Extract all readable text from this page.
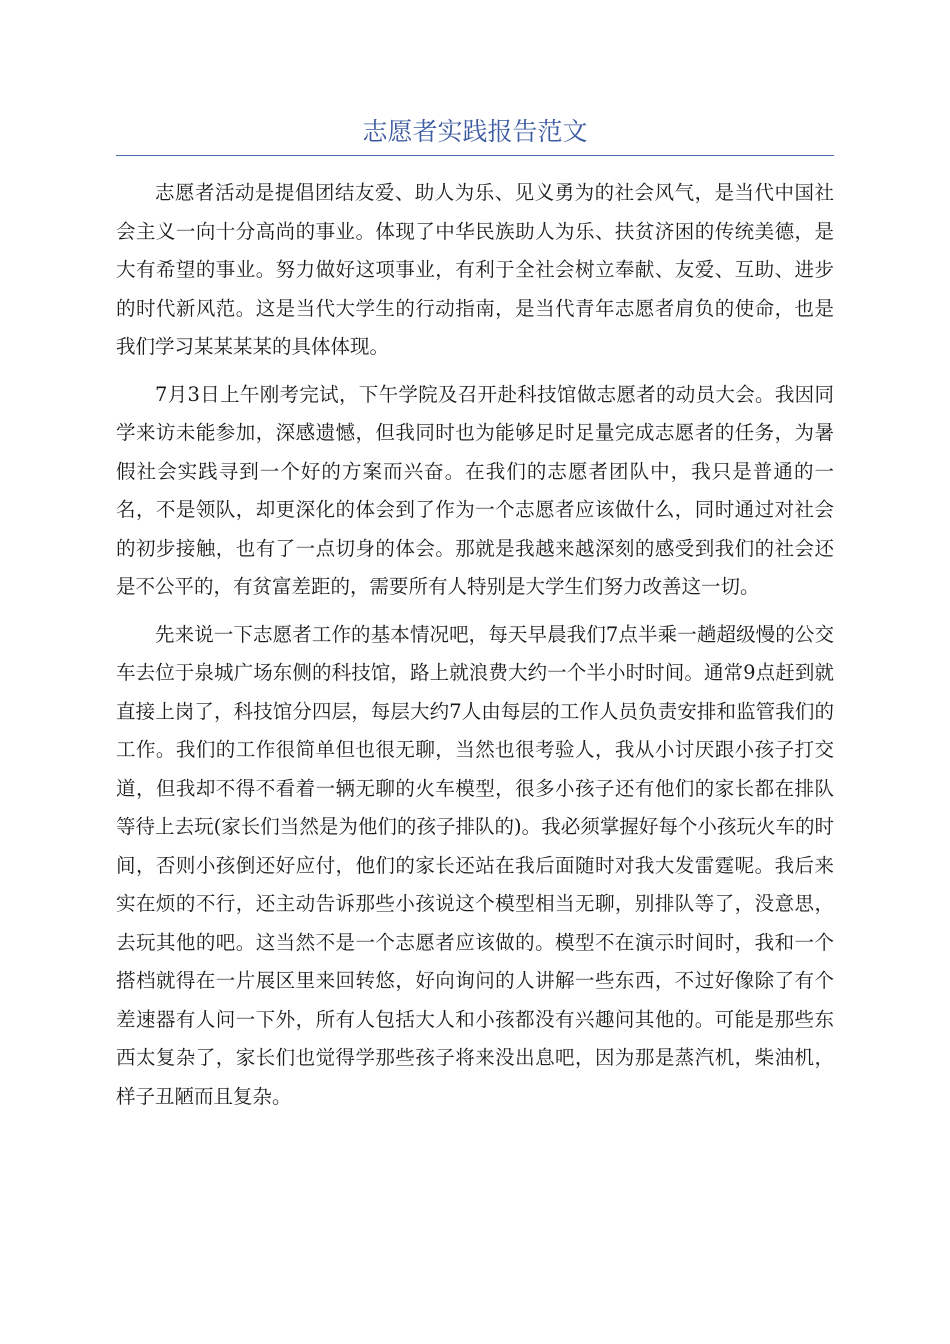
志愿者实践报告范文

志愿者活动是提倡团结友爱、助人为乐、见义勇为的社会风气，是当代中国社会主义一向十分高尚的事业。体现了中华民族助人为乐、扶贫济困的传统美德，是大有希望的事业。努力做好这项事业，有利于全社会树立奉献、友爱、互助、进步的时代新风范。这是当代大学生的行动指南，是当代青年志愿者肩负的使命，也是我们学习某某某某的具体体现。

7月3日上午刚考完试，下午学院及召开赴科技馆做志愿者的动员大会。我因同学来访未能参加，深感遗憾，但我同时也为能够足时足量完成志愿者的任务，为暑假社会实践寻到一个好的方案而兴奋。在我们的志愿者团队中，我只是普通的一名，不是领队，却更深化的体会到了作为一个志愿者应该做什么，同时通过对社会的初步接触，也有了一点切身的体会。那就是我越来越深刻的感受到我们的社会还是不公平的，有贫富差距的，需要所有人特别是大学生们努力改善这一切。

先来说一下志愿者工作的基本情况吧，每天早晨我们7点半乘一趟超级慢的公交车去位于泉城广场东侧的科技馆，路上就浪费大约一个半小时时间。通常9点赶到就直接上岗了，科技馆分四层，每层大约7人由每层的工作人员负责安排和监管我们的工作。我们的工作很简单但也很无聊，当然也很考验人，我从小讨厌跟小孩子打交道，但我却不得不看着一辆无聊的火车模型，很多小孩子还有他们的家长都在排队等待上去玩(家长们当然是为他们的孩子排队的)。我必须掌握好每个小孩玩火车的时间，否则小孩倒还好应付，他们的家长还站在我后面随时对我大发雷霆呢。我后来实在烦的不行，还主动告诉那些小孩说这个模型相当无聊，别排队等了，没意思，去玩其他的吧。这当然不是一个志愿者应该做的。模型不在演示时间时，我和一个搭档就得在一片展区里来回转悠，好向询问的人讲解一些东西，不过好像除了有个差速器有人问一下外，所有人包括大人和小孩都没有兴趣问其他的。可能是那些东西太复杂了，家长们也觉得学那些孩子将来没出息吧，因为那是蒸汽机，柴油机，样子丑陋而且复杂。
